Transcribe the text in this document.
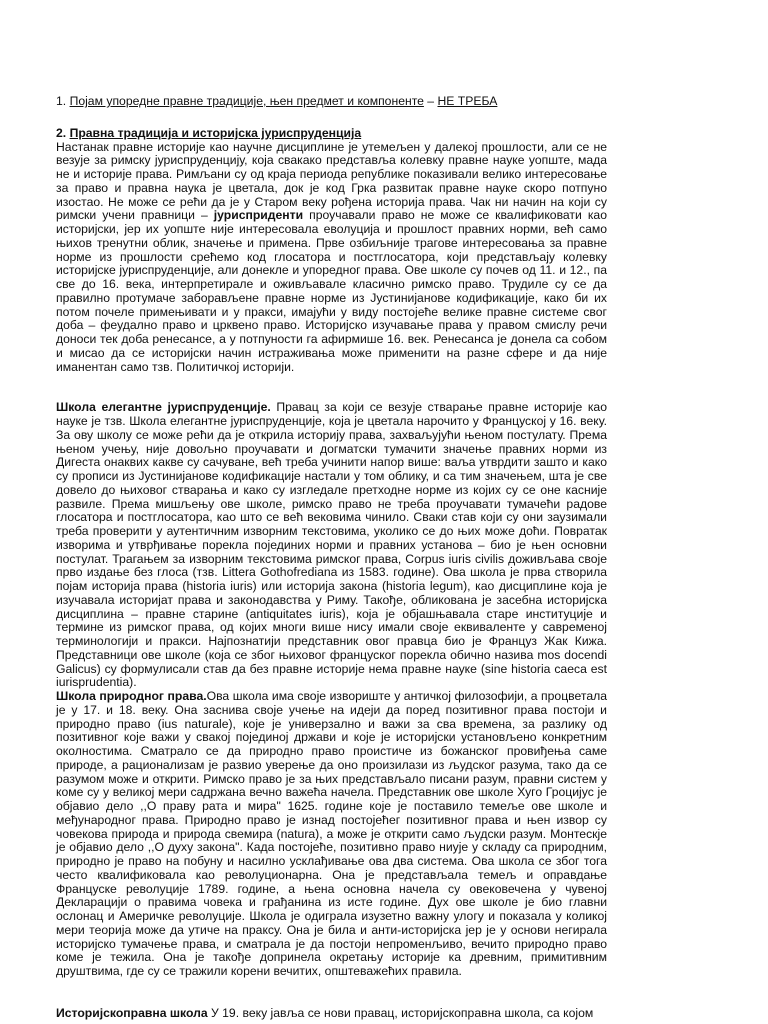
1. Појам упоредне правне традиције, њен предмет и компоненте – НЕ ТРЕБА

2. Правна традиција и историјска јуриспруденција

Настанак правне историје као научне дисциплине је утемељен у далекој прошлости, али се не везује за римску јуриспруденцију, која свакако представља колевку правне науке уопште, мада не и историје права. Римљани су од краја периода републике показивали велико интересовање за право и правна наука је цветала, док је код Грка развитак правне науке скоро потпуно изостао. Не може се рећи да је у Старом веку рођена историја права. Чак ни начин на који су римски учени правници – јурисприденти проучавали право не може се квалификовати као историјски, јер их уопште није интересовала еволуција и прошлост правних норми, већ само њихов тренутни облик, значење и примена. Прве озбиљније трагове интересовања за правне норме из прошлости срећемо код глосатора и постглосатора, који представљају колевку историјске јуриспруденције, али донекле и упоредног права. Ове школе су почев од 11. и 12., па све до 16. века, интерпретирале и оживљавале класично римско право. Трудиле су се да правилно протумаче заборављене правне норме из Јустинијанове кодификације, како би их потом почеле примењивати и у пракси, имајући у виду постојеће велике правне системе свог доба – феудално право и црквено право. Историјско изучавање права у правом смислу речи доноси тек доба ренесансе, а у потпуности га афирмише 16. век. Ренесанса је донела са собом и мисао да се историјски начин истраживања може применити на разне сфере и да није иманентан само тзв. Политичкој историји.

Школа елегантне јуриспруденције. Правац за који се везује стварање правне историје као науке је тзв. Школа елегантне јуриспруденције, која је цветала нарочито у Француској у 16. веку. За ову школу се може рећи да је открила историју права, захваљујући њеном постулату. Према њеном учењу, није довољно проучавати и догматски тумачити значење правних норми из Дигеста онаквих какве су сачуване, већ треба учинити напор више: ваља утврдити зашто и како су прописи из Јустинијанове кодификације настали у том облику, и са тим значењем, шта је све довело до њиховог стварања и како су изгледале претходне норме из којих су се оне касније развиле. Према мишљењу ове школе, римско право не треба проучавати тумачећи радове глосатора и постглосатора, као што се већ вековима чинило. Сваки став који су они заузимали треба проверити у аутентичним изворним текстовима, уколико се до њих може доћи. Повратак изворима и утврђивање порекла појединих норми и правних установа – био је њен основни постулат. Трагањем за изворним текстовима римског права, Corpus iuris civilis доживљава своје прво издање без глоса (тзв. Littera Gothofrediana из 1583. године). Ова школа је прва створила појам историја права (historia iuris) или историја закона (historia legum), као дисциплине која је изучавала историјат права и законодавства у Риму. Такође, обликована је засебна историјска дисциплина – правне старине (antiquitates iuris), која је објашњавала старе институције и термине из римског права, од којих многи више нису имали своје еквиваленте у савременој терминологији и пракси. Најпознатији представник овог правца био је Француз Жак Кижа. Представници ове школе (која се због њиховог француског порекла обично назива mos docendi Galicus) су формулисали став да без правне историје нема правне науке (sine historia caeca est iurisprudentia).

Школа природног права.Ова школа има своје извориште у античкој филозофији, а процветала је у 17. и 18. веку. Она заснива своје учење на идеји да поред позитивног права постоји и природно право (ius naturale), које је универзално и важи за сва времена, за разлику од позитивног које важи у свакој појединој држави и које је историјски установљено конкретним околностима. Сматрало се да природно право проистиче из божанског провиђења саме природе, а рационализам је развио уверење да оно произилази из људског разума, тако да се разумом може и открити. Римско право је за њих представљало писани разум, правни систем у коме су у великој мери садржана вечно важећа начела. Представник ове школе Хуго Гроцијус је објавио дело ,,О праву рата и мира" 1625. године које је поставило темеље ове школе и међународног права. Природно право је изнад постојећег позитивног права и њен извор су човекова природа и природа свемира (natura), а може је открити само људски разум. Монтескје је објавио дело ,,О духу закона". Када постојеће, позитивно право ниује у складу са природним, природно је право на побуну и насилно усклађивање ова два система. Ова школа се због тога често квалификовала као револуционарна. Она је представљала темељ и оправдање Француске револуције 1789. године, а њена основна начела су овековечена у чувеној Декларацији о правима човека и грађанина из исте године. Дух ове школе је био главни ослонац и Америчке револуције. Школа је одиграла изузетно важну улогу и показала у коликој мери теорија може да утиче на праксу. Она је била и анти-историјска јер је у основи негирала историјско тумачење права, и сматрала је да постоји непроменљиво, вечито природно право коме је тежила. Она је такође допринела окретању историје ка древним, примитивним друштвима, где су се тражили корени вечитих, општеважећих правила.

Историјскоправна школа У 19. веку јавља се нови правац, историјскоправна школа, са којом
